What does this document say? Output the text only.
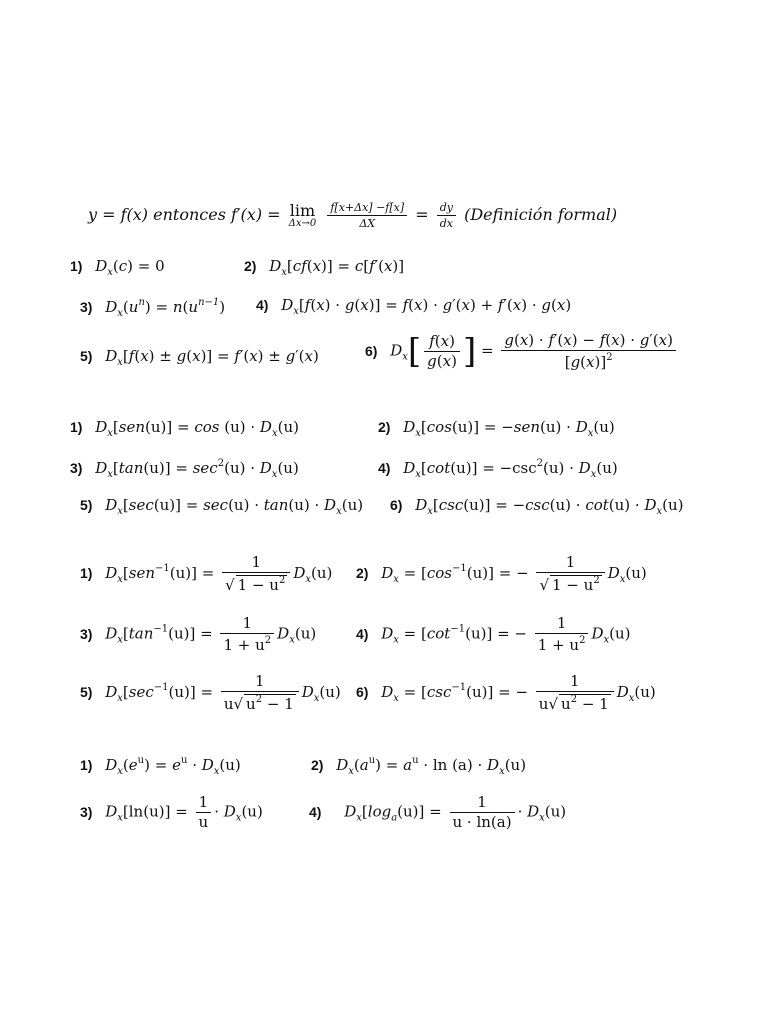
y = f(x) entonces f′(x) = lim
Δx→0
$\frac{f[x+\Delta x] -f[x]}{\Delta X} = \frac{dy}{dx}$ (Definición formal)
1) $D_x(c) = 0$	2) $D_x[cf(x)] = c[f'(x)]$
3) $D_x(u^n) = n(u^{n-1})$ 4) $D_x[f(x) \cdot g(x)] = f(x) \cdot g'(x) + f'(x) \cdot g(x)$
5) $D_x[f(x) \pm g(x)] = f'(x) \pm g'(x)$	6) $D_x[ \frac{f(x)}{g(x)}$ ] = $\frac{g(x) \cdot f'(x) - f(x) \cdot g'(x)}{[g(x)]^2}$
1) $D_x[sen(u)] = \cos (u) \cdot D_x(u)$	2) $D_x[\cos(u)] = -sen(u) \cdot D_x(u)$
3) $D_x[\tan(u)] = \sec^2(u) \cdot D_x(u)$	4) $D_x[\cot(u)] = -\csc^2(u) \cdot D_x(u)$
5) $D_x[\sec(u)] = \sec(u) \cdot \tan(u) \cdot D_x(u)$ 6) $D_x[\csc(u)] = -\csc(u) \cdot \cot(u) \cdot D_x(u)$
1) $D_x[sen^{-1}(u)] = \frac{1}{√ 1 - u^2} D_x(u)$ 2) $D_x = [\cos^{-1}(u)]$ = − $\frac{1}{√ 1 - u^2} D_x(u)$
3) $D_x[\tan^{-1}(u)] = \frac{1}{1 + u^2} D_x(u)$	4) $D_x = [\cot^{-1}(u)]$ = − $\frac{1}{1 + u^2} D_x(u)$
5) $D_x[\sec^{-1}(u)] = \frac{1}{u√ u^2 - 1} D_x(u)$ 6) $D_x = [\csc^{-1}(u)]$ = − $\frac{1}{u√ u^2 - 1} D_x(u)$
1) $D_x(e^u) = e^u \cdot D_x(u)$	2) $D_x(a^u) = a^u \cdot \ln (a) \cdot D_x(u)$
3) $D_x[\ln(u)] = \frac{1}{u} \cdot D_x(u)$	4) $D_x[\log_a(u)] = \frac{1}{u \cdot \ln(a)} \cdot D_x(u)$
